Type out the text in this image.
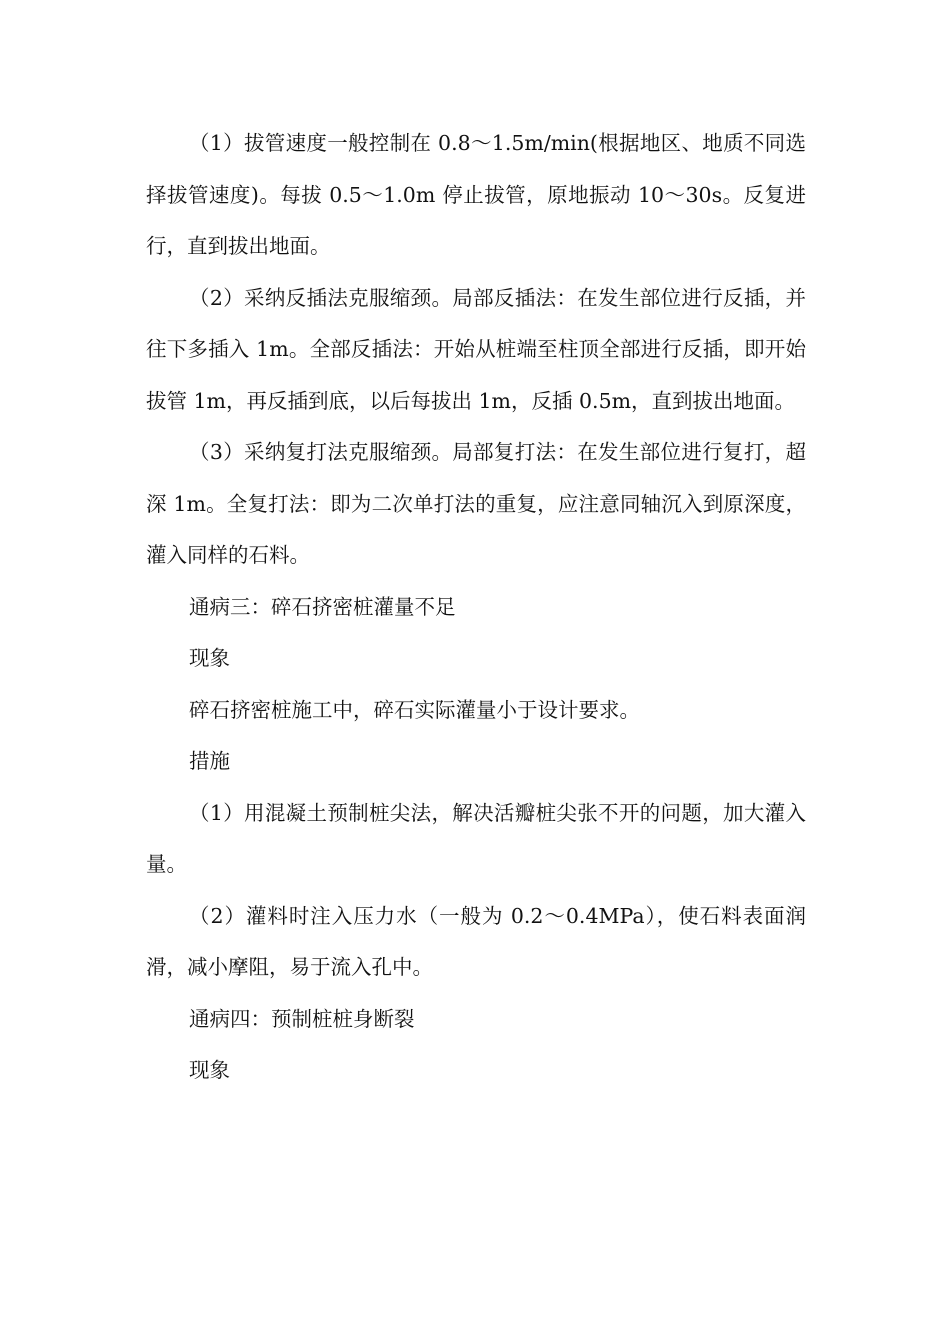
（1）拔管速度一般控制在 0.8～1.5m/min(根据地区、地质不同选择拔管速度)。每拔 0.5～1.0m 停止拔管，原地振动 10～30s。反复进行，直到拔出地面。

（2）采纳反插法克服缩颈。局部反插法：在发生部位进行反插，并往下多插入 1m。全部反插法：开始从桩端至柱顶全部进行反插，即开始拔管 1m，再反插到底，以后每拔出 1m，反插 0.5m，直到拔出地面。

（3）采纳复打法克服缩颈。局部复打法：在发生部位进行复打，超深 1m。全复打法：即为二次单打法的重复，应注意同轴沉入到原深度，灌入同样的石料。

通病三：碎石挤密桩灌量不足

现象

碎石挤密桩施工中，碎石实际灌量小于设计要求。

措施

（1）用混凝土预制桩尖法，解决活瓣桩尖张不开的问题，加大灌入量。

（2）灌料时注入压力水（一般为 0.2～0.4MPa），使石料表面润滑，减小摩阻，易于流入孔中。

通病四：预制桩桩身断裂

现象
